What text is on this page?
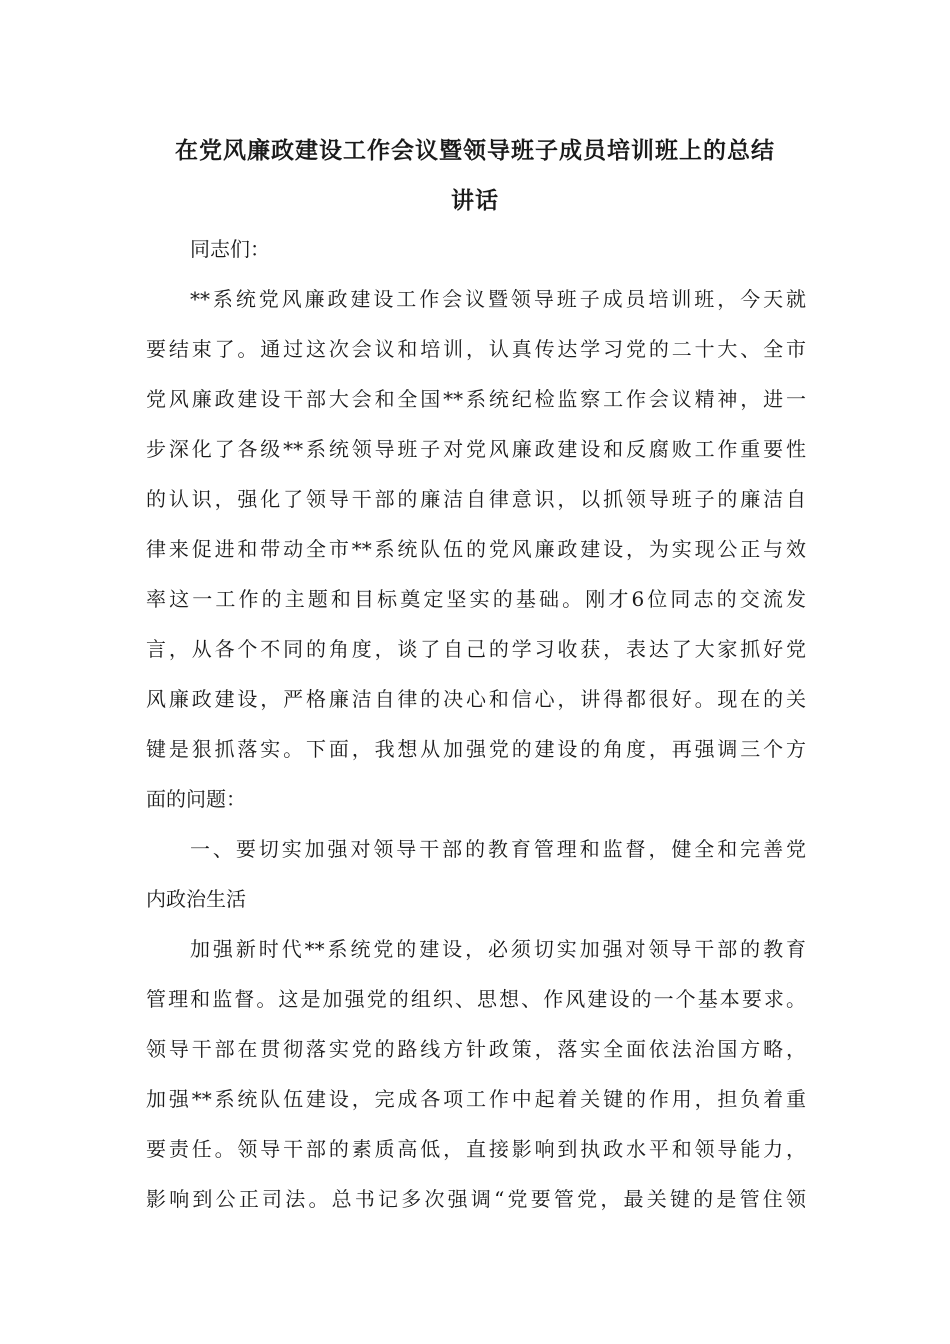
在党风廉政建设工作会议暨领导班子成员培训班上的总结
讲话
同志们：
**系统党风廉政建设工作会议暨领导班子成员培训班，今天就
要结束了。通过这次会议和培训，认真传达学习党的二十大、全市
党风廉政建设干部大会和全国**系统纪检监察工作会议精神，进一
步深化了各级**系统领导班子对党风廉政建设和反腐败工作重要性
的认识，强化了领导干部的廉洁自律意识，以抓领导班子的廉洁自
律来促进和带动全市**系统队伍的党风廉政建设，为实现公正与效
率这一工作的主题和目标奠定坚实的基础。刚才6位同志的交流发
言，从各个不同的角度，谈了自己的学习收获，表达了大家抓好党
风廉政建设，严格廉洁自律的决心和信心，讲得都很好。现在的关
键是狠抓落实。下面，我想从加强党的建设的角度，再强调三个方
面的问题：
一、要切实加强对领导干部的教育管理和监督，健全和完善党
内政治生活
加强新时代**系统党的建设，必须切实加强对领导干部的教育
管理和监督。这是加强党的组织、思想、作风建设的一个基本要求。
领导干部在贯彻落实党的路线方针政策，落实全面依法治国方略，
加强**系统队伍建设，完成各项工作中起着关键的作用，担负着重
要责任。领导干部的素质高低，直接影响到执政水平和领导能力，
影响到公正司法。总书记多次强调“党要管党，最关键的是管住领
